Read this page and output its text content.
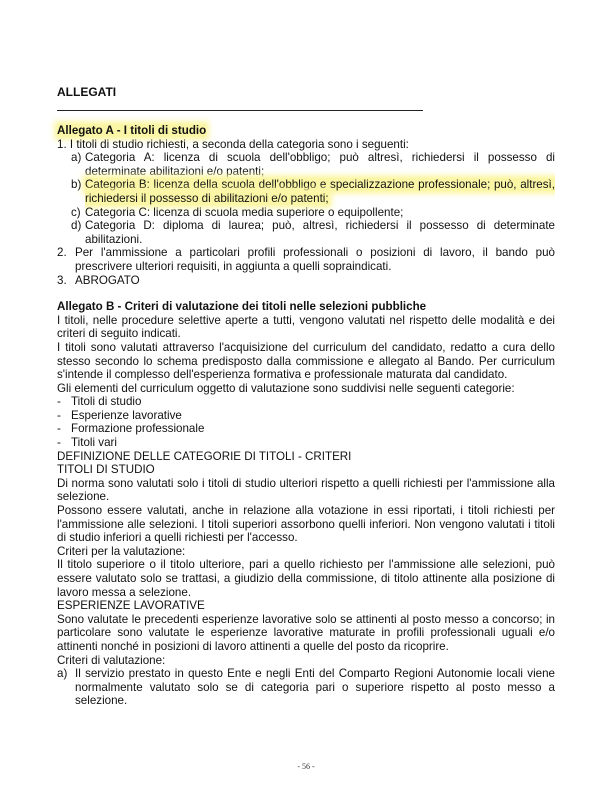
ALLEGATI

Allegato A - I titoli di studio

1. I titoli di studio richiesti, a seconda della categoria sono i seguenti:

a) Categoria A: licenza di scuola dell'obbligo; può altresì, richiedersi il possesso di determinate abilitazioni e/o patenti;
b) Categoria B: licenza della scuola dell'obbligo e specializzazione professionale; può, altresì, richiedersi il possesso di abilitazioni e/o patenti;
c) Categoria C: licenza di scuola media superiore o equipollente;
d) Categoria D: diploma di laurea; può, altresì, richiedersi il possesso di determinate abilitazioni.
2. Per l'ammissione a particolari profili professionali o posizioni di lavoro, il bando può prescrivere ulteriori requisiti, in aggiunta a quelli sopraindicati.
3. ABROGATO

Allegato B - Criteri di valutazione dei titoli nelle selezioni pubbliche

I titoli, nelle procedure selettive aperte a tutti, vengono valutati nel rispetto delle modalità e dei criteri di seguito indicati.

I titoli sono valutati attraverso l'acquisizione del curriculum del candidato, redatto a cura dello stesso secondo lo schema predisposto dalla commissione e allegato al Bando. Per curriculum s'intende il complesso dell'esperienza formativa e professionale maturata dal candidato.

Gli elementi del curriculum oggetto di valutazione sono suddivisi nelle seguenti categorie:

- Titoli di studio
- Esperienze lavorative
- Formazione professionale
- Titoli vari

DEFINIZIONE DELLE CATEGORIE DI TITOLI - CRITERI

TITOLI DI STUDIO

Di norma sono valutati solo i titoli di studio ulteriori rispetto a quelli richiesti per l'ammissione alla selezione.

Possono essere valutati, anche in relazione alla votazione in essi riportati, i titoli richiesti per l'ammissione alle selezioni. I titoli superiori assorbono quelli inferiori. Non vengono valutati i titoli di studio inferiori a quelli richiesti per l'accesso.

Criteri per la valutazione:

Il titolo superiore o il titolo ulteriore, pari a quello richiesto per l'ammissione alle selezioni, può essere valutato solo se trattasi, a giudizio della commissione, di titolo attinente alla posizione di lavoro messa a selezione.

ESPERIENZE LAVORATIVE

Sono valutate le precedenti esperienze lavorative solo se attinenti al posto messo a concorso; in particolare sono valutate le esperienze lavorative maturate in profili professionali uguali e/o attinenti nonché in posizioni di lavoro attinenti a quelle del posto da ricoprire.

Criteri di valutazione:

a) Il servizio prestato in questo Ente e negli Enti del Comparto Regioni Autonomie locali viene normalmente valutato solo se di categoria pari o superiore rispetto al posto messo a selezione.
- 56 -
